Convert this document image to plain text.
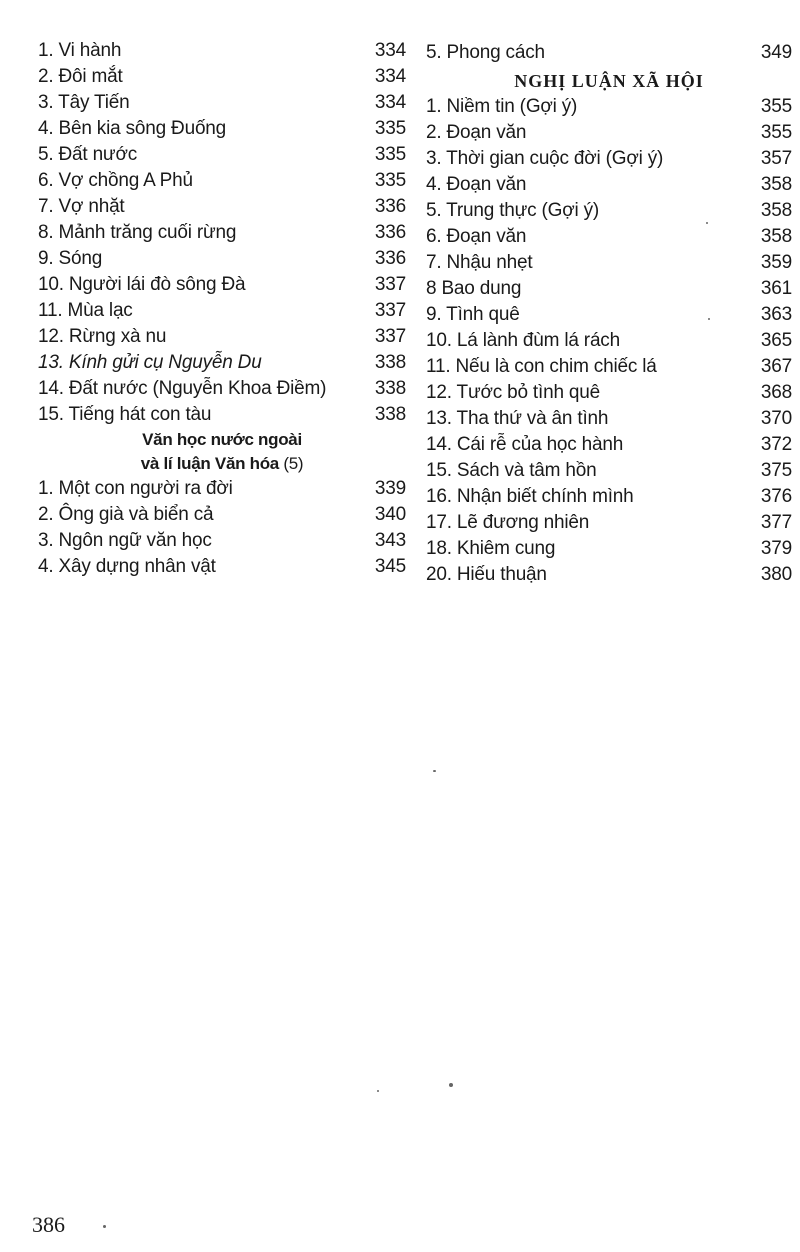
1. Vi hành	334
2. Đôi mắt	334
3. Tây Tiến	334
4. Bên kia sông Đuống	335
5. Đất nước	335
6. Vợ chồng A Phủ	335
7. Vợ nhặt	336
8. Mảnh trăng cuối rừng	336
9. Sóng	336
10. Người lái đò sông Đà	337
11. Mùa lạc	337
12. Rừng xà nu	337
13. Kính gửi cụ Nguyễn Du	338
14. Đất nước (Nguyễn Khoa Điềm)	338
15. Tiếng hát con tàu	338
Văn học nước ngoài
và lí luận Văn hóa (5)
1. Một con người ra đời	339
2. Ông già và biển cả	340
3. Ngôn ngữ văn học	343
4. Xây dựng nhân vật	345
5. Phong cách	349
NGHỊ LUẬN XÃ HỘI
1. Niềm tin (Gợi ý)	355
2. Đoạn văn	355
3. Thời gian cuộc đời (Gợi ý)	357
4. Đoạn văn	358
5. Trung thực (Gợi ý)	358
6. Đoạn văn	358
7. Nhậu nhẹt	359
8 Bao dung	361
9. Tình quê	363
10. Lá lành đùm lá rách	365
11. Nếu là con chim chiếc lá	367
12. Tước bỏ tình quê	368
13. Tha thứ và ân tình	370
14. Cái rễ của học hành	372
15. Sách và tâm hồn	375
16. Nhận biết chính mình	376
17. Lẽ đương nhiên	377
18. Khiêm cung	379
20. Hiếu thuận	380
386
